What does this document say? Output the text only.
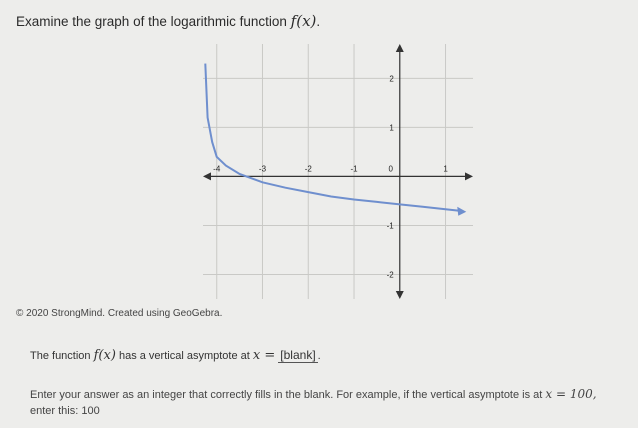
Examine the graph of the logarithmic function f(x).
-4	-3	-2	-1	0	1
2
1
-1
-2
© 2020 StrongMind. Created using GeoGebra.
The function f(x) has a vertical asymptote at x = [blank] .
Enter your answer as an integer that correctly fills in the blank. For example, if the vertical asymptote is at x = 100,
enter this: 100
